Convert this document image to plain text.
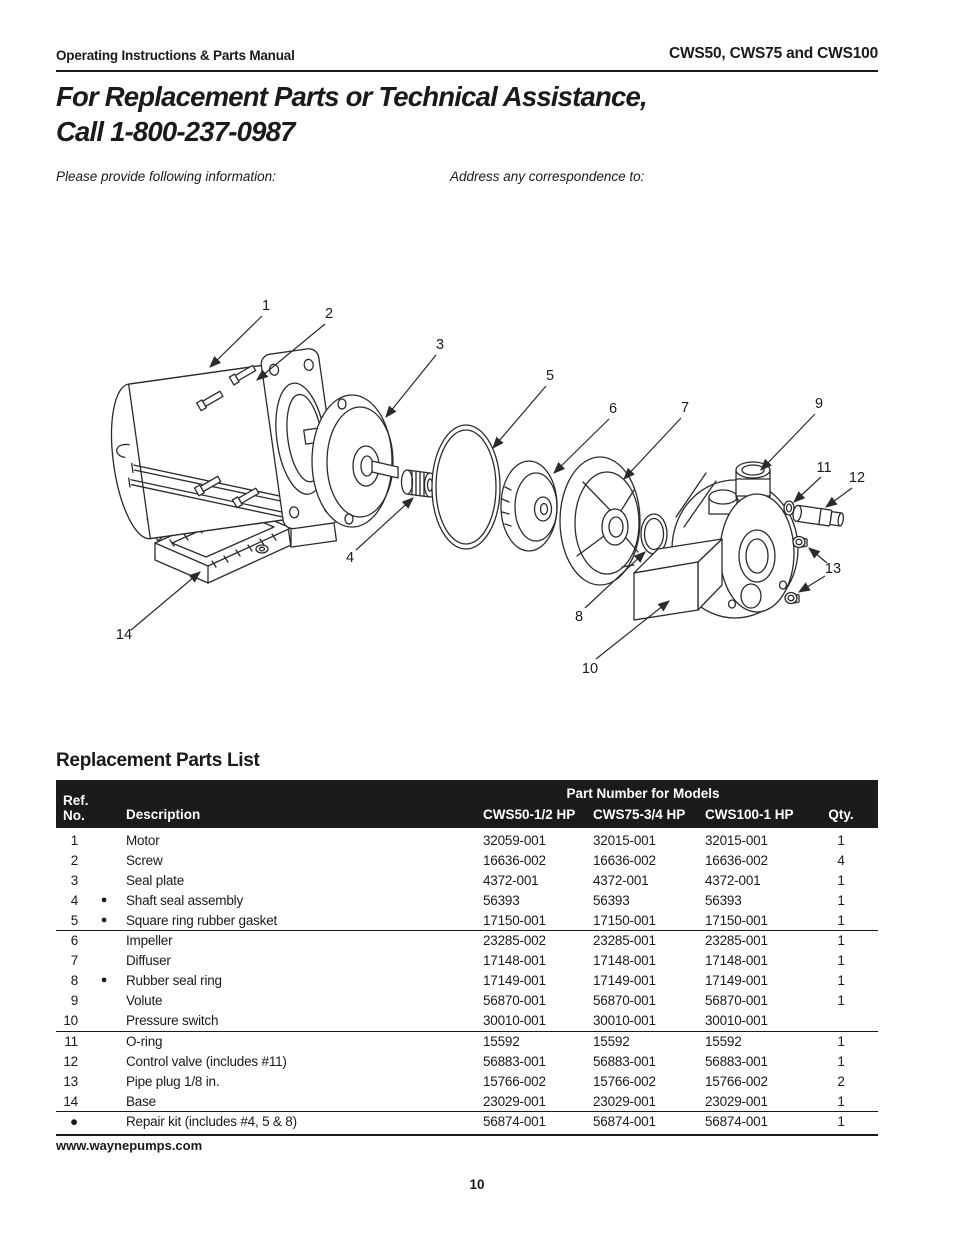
Operating Instructions & Parts Manual	CWS50, CWS75 and CWS100
For Replacement Parts or Technical Assistance,
Call 1-800-237-0987
Please provide following information:	Address any correspondence to:
1	2
3
4
5
6	7
8
9
10
11
12
13
14
Replacement Parts List
Part Number for Models
Ref.
No.	Description	CWS50-1/2 HP CWS75-3/4 HP CWS100-1 HP	Qty.
1	Motor	32059-001	32015-001	32015-001	1
2	Screw	16636-002	16636-002	16636-002	4
3	Seal plate	4372-001	4372-001	4372-001	1
4	●	Shaft seal assembly	56393	56393	56393	1
5	●	Square ring rubber gasket	17150-001	17150-001	17150-001	1
6	Impeller	23285-002	23285-001	23285-001	1
7	Diffuser	17148-001	17148-001	17148-001	1
8	●	Rubber seal ring	17149-001	17149-001	17149-001	1
9	Volute	56870-001	56870-001	56870-001	1
10	Pressure switch	30010-001	30010-001	30010-001
11	O-ring	15592	15592	15592	1
12	Control valve (includes #11)	56883-001	56883-001	56883-001	1
13	Pipe plug 1/8 in.	15766-002	15766-002	15766-002	2
14	Base	23029-001	23029-001	23029-001	1
●	Repair kit (includes #4, 5 & 8)	56874-001	56874-001	56874-001	1
www.waynepumps.com
10
